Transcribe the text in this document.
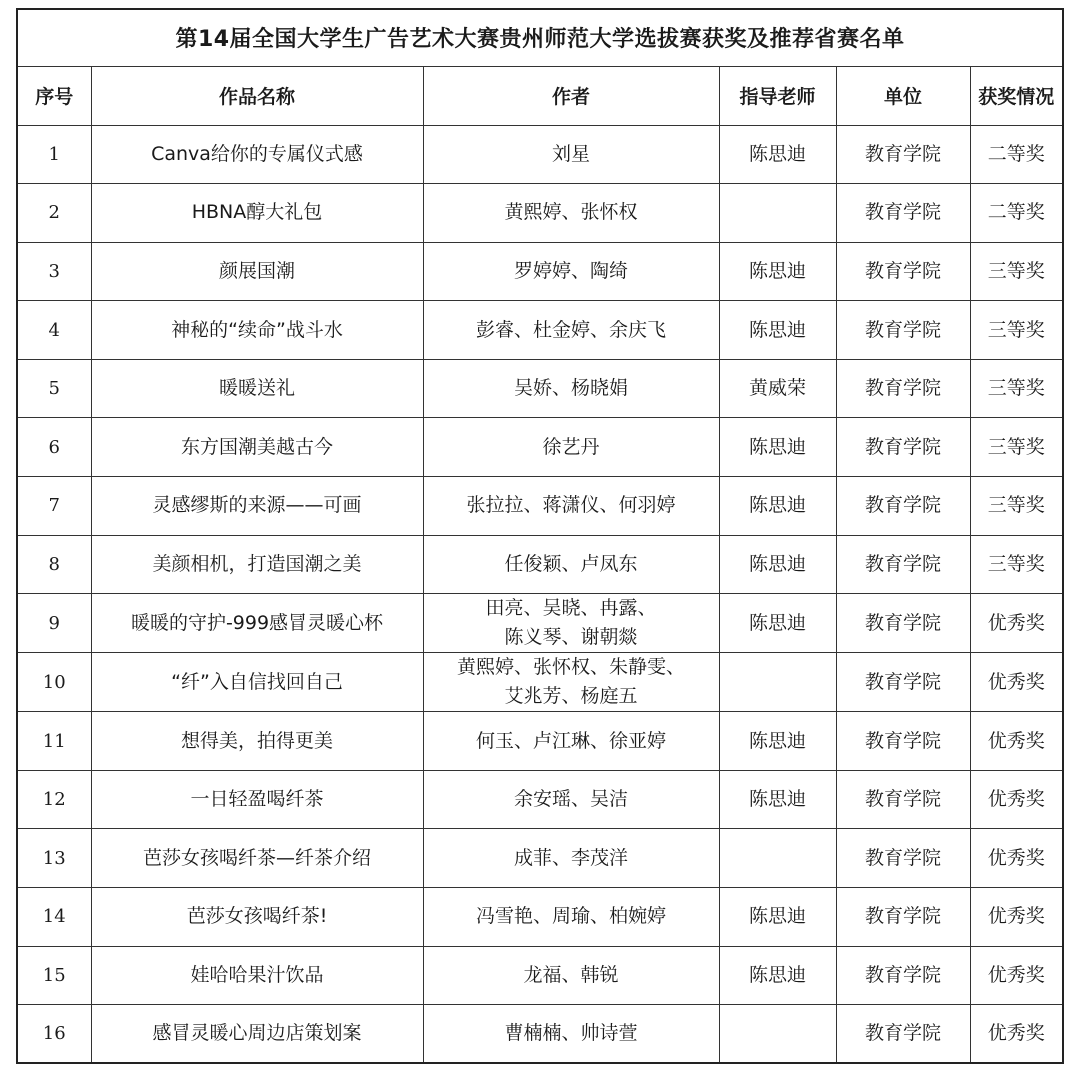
第14届全国大学生广告艺术大赛贵州师范大学选拔赛获奖及推荐省赛名单					
序号	作品名称	作者	指导老师	单位	获奖情况
1	Canva给你的专属仪式感	刘星	陈思迪	教育学院	二等奖
2	HBNA醇大礼包	黄熙婷、张怀权		教育学院	二等奖
3	颜展国潮	罗婷婷、陶绮	陈思迪	教育学院	三等奖
4	神秘的“续命”战斗水	彭睿、杜金婷、余庆飞	陈思迪	教育学院	三等奖
5	暖暖送礼	吴娇、杨晓娟	黄威荣	教育学院	三等奖
6	东方国潮美越古今	徐艺丹	陈思迪	教育学院	三等奖
7	灵感缪斯的来源——可画	张拉拉、蒋潇仪、何羽婷	陈思迪	教育学院	三等奖
8	美颜相机，打造国潮之美	任俊颖、卢凤东	陈思迪	教育学院	三等奖
9	暖暖的守护-999感冒灵暖心杯	田亮、吴晓、冉露、
陈义琴、谢朝燚	陈思迪	教育学院	优秀奖
10	“纤”入自信找回自己	黄熙婷、张怀权、朱静雯、
艾兆芳、杨庭五		教育学院	优秀奖
11	想得美，拍得更美	何玉、卢江琳、徐亚婷	陈思迪	教育学院	优秀奖
12	一日轻盈喝纤茶	余安瑶、吴洁	陈思迪	教育学院	优秀奖
13	芭莎女孩喝纤茶—纤茶介绍	成菲、李茂洋		教育学院	优秀奖
14	芭莎女孩喝纤茶!	冯雪艳、周瑜、柏婉婷	陈思迪	教育学院	优秀奖
15	娃哈哈果汁饮品	龙福、韩锐	陈思迪	教育学院	优秀奖
16	感冒灵暖心周边店策划案	曹楠楠、帅诗萱		教育学院	优秀奖
